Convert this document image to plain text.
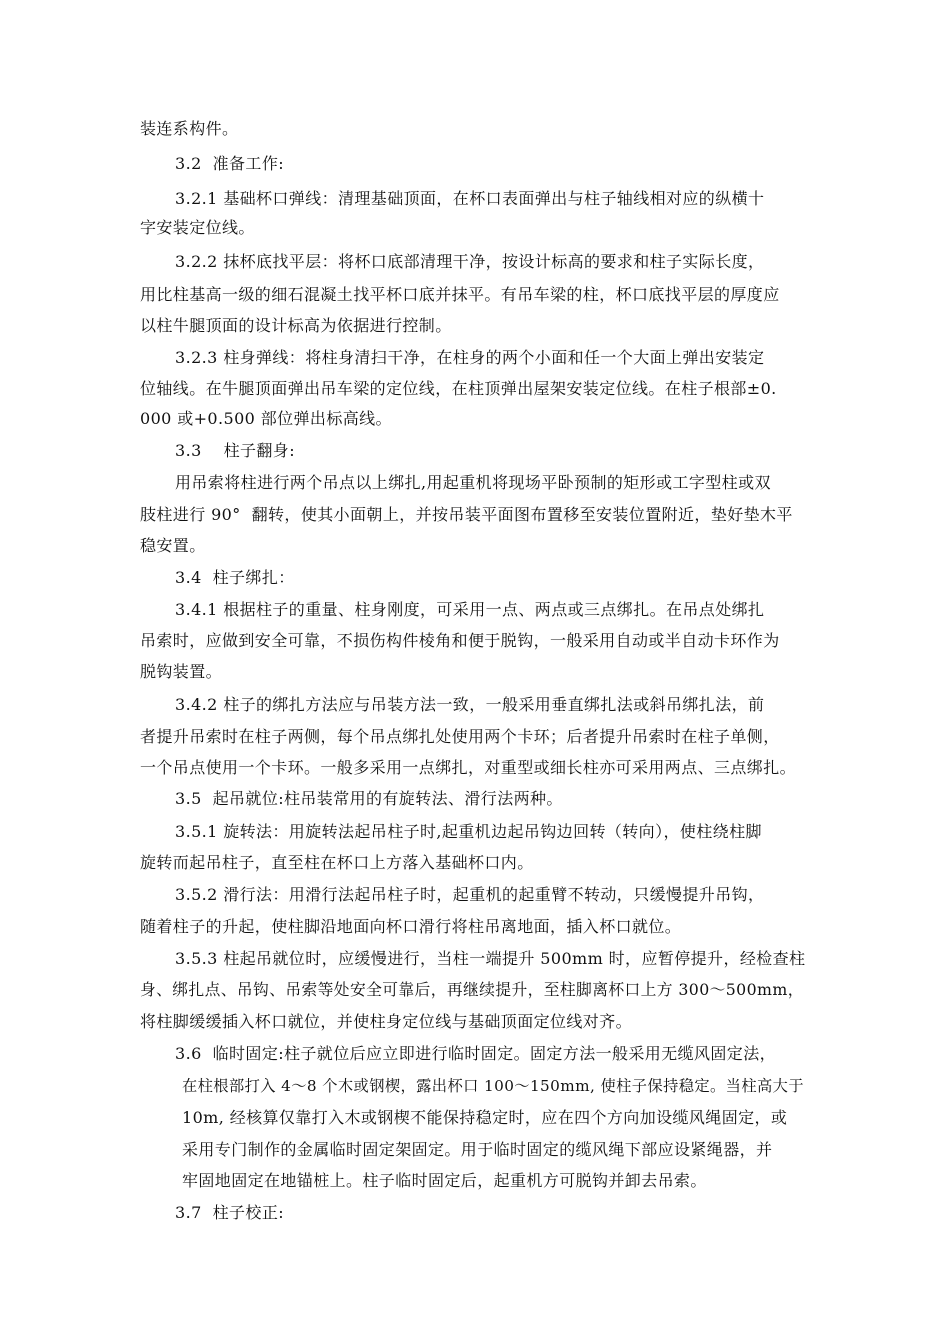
装连系构件。
3.2  准备工作:
3.2.1 基础杯口弹线：清理基础顶面，在杯口表面弹出与柱子轴线相对应的纵横十
字安装定位线。
3.2.2 抹杯底找平层：将杯口底部清理干净，按设计标高的要求和柱子实际长度，
用比柱基高一级的细石混凝土找平杯口底并抹平。有吊车梁的柱，杯口底找平层的厚度应
以柱牛腿顶面的设计标高为依据进行控制。
3.2.3 柱身弹线：将柱身清扫干净，在柱身的两个小面和任一个大面上弹出安装定
位轴线。在牛腿顶面弹出吊车梁的定位线，在柱顶弹出屋架安装定位线。在柱子根部±0.
000 或+0.500 部位弹出标高线。
3.3    柱子翻身:
用吊索将柱进行两个吊点以上绑扎,用起重机将现场平卧预制的矩形或工字型柱或双
肢柱进行 90°  翻转，使其小面朝上，并按吊装平面图布置移至安装位置附近，垫好垫木平
稳安置。
3.4  柱子绑扎：
3.4.1 根据柱子的重量、柱身刚度，可采用一点、两点或三点绑扎。在吊点处绑扎
吊索时，应做到安全可靠，不损伤构件棱角和便于脱钩，一般采用自动或半自动卡环作为
脱钩装置。
3.4.2 柱子的绑扎方法应与吊装方法一致，一般采用垂直绑扎法或斜吊绑扎法，前
者提升吊索时在柱子两侧，每个吊点绑扎处使用两个卡环；后者提升吊索时在柱子单侧，
一个吊点使用一个卡环。一般多采用一点绑扎，对重型或细长柱亦可采用两点、三点绑扎。
3.5  起吊就位:柱吊装常用的有旋转法、滑行法两种。
3.5.1 旋转法：用旋转法起吊柱子时,起重机边起吊钩边回转（转向），使柱绕柱脚
旋转而起吊柱子，直至柱在杯口上方落入基础杯口内。
3.5.2 滑行法：用滑行法起吊柱子时，起重机的起重臂不转动，只缓慢提升吊钩，
随着柱子的升起，使柱脚沿地面向杯口滑行将柱吊离地面，插入杯口就位。
3.5.3 柱起吊就位时，应缓慢进行，当柱一端提升 500mm 时，应暂停提升，经检查柱
身、绑扎点、吊钩、吊索等处安全可靠后，再继续提升，至柱脚离杯口上方 300～500mm，
将柱脚缓缓插入杯口就位，并使柱身定位线与基础顶面定位线对齐。
3.6  临时固定:柱子就位后应立即进行临时固定。固定方法一般采用无缆风固定法，
在柱根部打入 4～8 个木或钢楔，露出杯口 100～150mm, 使柱子保持稳定。当柱高大于
10m, 经核算仅靠打入木或钢楔不能保持稳定时，应在四个方向加设缆风绳固定，或
采用专门制作的金属临时固定架固定。用于临时固定的缆风绳下部应设紧绳器，并
牢固地固定在地锚桩上。柱子临时固定后，起重机方可脱钩并卸去吊索。
3.7  柱子校正:
